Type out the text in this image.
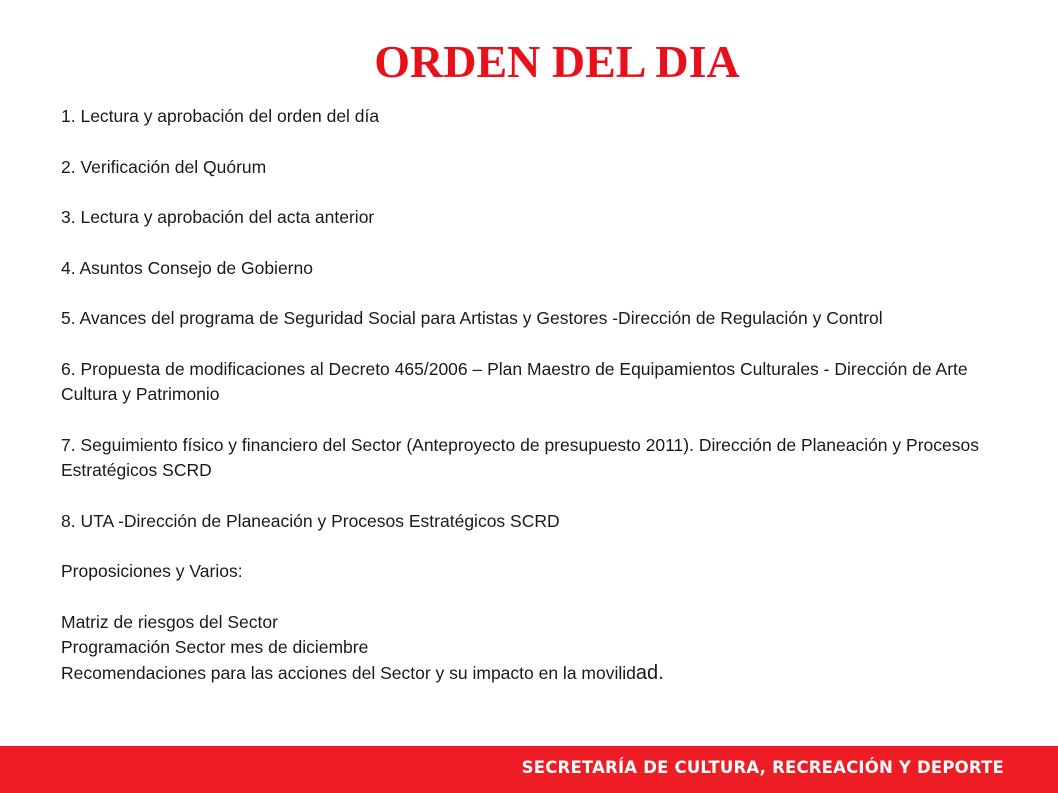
ORDEN DEL DIA
1. Lectura y aprobación del orden del día
2. Verificación del Quórum
3. Lectura y aprobación del acta anterior
4. Asuntos Consejo de Gobierno
5. Avances del programa de Seguridad Social para Artistas y Gestores -Dirección de Regulación y Control
6. Propuesta de modificaciones al Decreto 465/2006 – Plan Maestro de Equipamientos Culturales - Dirección de Arte Cultura y Patrimonio
7. Seguimiento físico y financiero del Sector (Anteproyecto de presupuesto 2011). Dirección de Planeación y Procesos Estratégicos SCRD
8. UTA -Dirección de Planeación y Procesos Estratégicos SCRD
Proposiciones y Varios:
Matriz de riesgos del Sector
Programación Sector mes de diciembre
Recomendaciones para las acciones del Sector y su impacto en la movilidad.
SECRETARÍA DE CULTURA, RECREACIÓN Y DEPORTE
